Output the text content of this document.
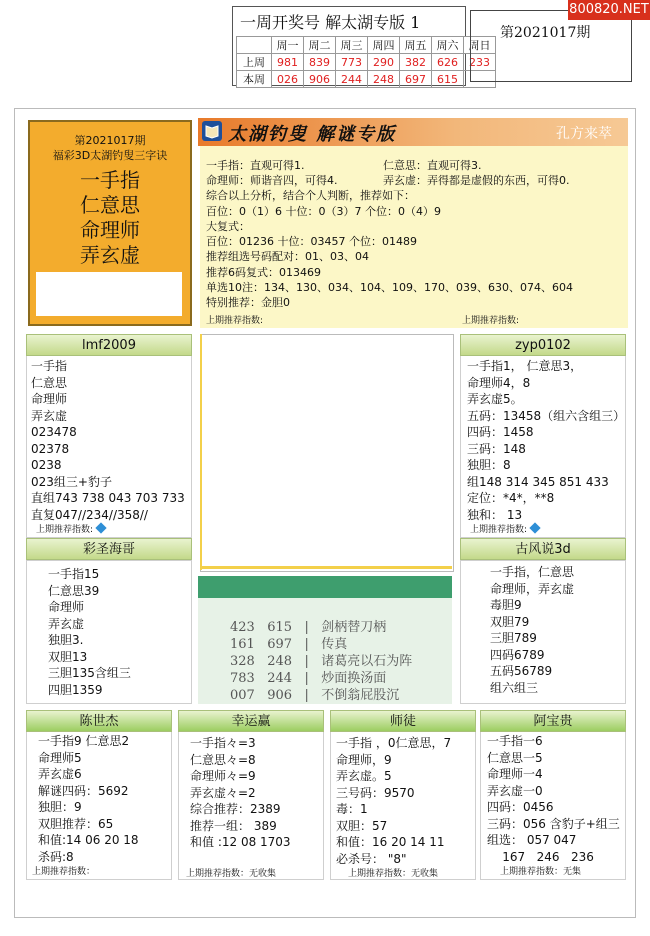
一周开奖号 解太湖专版 1
	周一	周二	周三	周四	周五	周六	周日
上周	981	839	773	290	382	626	233
本周	026	906	244	248	697	615	
第2021017期
800820.NET
第2021017期
福彩3D太湖钓叟三字诀
一手指
仁意思
命理师
弄玄虚
太湖钓叟 解谜专版	孔方来萃
一手指：直观可得1.	仁意思：直观可得3.
命理师：师谐音四，可得4.	弄玄虚：弄得都是虚假的东西，可得0.
综合以上分析，结合个人判断，推荐如下：
百位：0（1）6 十位：0（3）7 个位：0（4）9
大复式：
百位：01236 十位：03457 个位：01489
推荐组选号码配对：01、03、04
推荐6码复式：013469
单选10注：134、130、034、104、109、170、039、630、074、604
特别推荐：金胆0
上期推荐指数:	上期推荐指数:
lmf2009
一手指
仁意思
命理师
弄玄虚
023478
02378
0238
023组三+豹子
直组743 738 043 703 733
直复047//234//358//
上期推荐指数:
zyp0102
一手指1， 仁意思3，
命理师4，8
弄玄虚5。
五码：13458（组六含组三）
四码：1458
三码：148
独胆：8
组148 314 345 851 433
定位：*4*，**8
独和： 13
上期推荐指数:
彩圣海哥
一手指15
仁意思39
命理师
弄玄虚
独胆3.
双胆13
三胆135含组三
四胆1359
古风说3d
一手指，仁意思
命理师，弄玄虚
毒胆9
双胆79
三胆789
四码6789
五码56789
组六组三
423 615 | 剑柄替刀柄
161 697 | 传真
328 248 | 诸葛亮以石为阵
783 244 | 炒面换汤面
007 906 | 不倒翁屁股沉
陈世杰
一手指9 仁意思2
命理师5
弄玄虚6
解谜四码：5692
独胆：9
双胆推荐：65
和值:14 06 20 18
杀码:8
上期推荐指数：
幸运赢
一手指々=3
仁意思々=8
命理师々=9
弄玄虚々=2
综合推荐：2389
推荐一组： 389
和值 :12 08 1703
上期推荐指数：无收集
师徒
一手指 ，0仁意思，7
命理师，9
弄玄虚。5
三号码：9570
毒：1
双胆：57
和值：16 20 14 11
必杀号： "8"
上期推荐指数：无收集
阿宝贵
一手指一6
仁意思一5
命理师一4
弄玄虚一0
四码：0456
三码：056 含豹子+组三
组选： 057 047
167   246   236
上期推荐指数：无集
